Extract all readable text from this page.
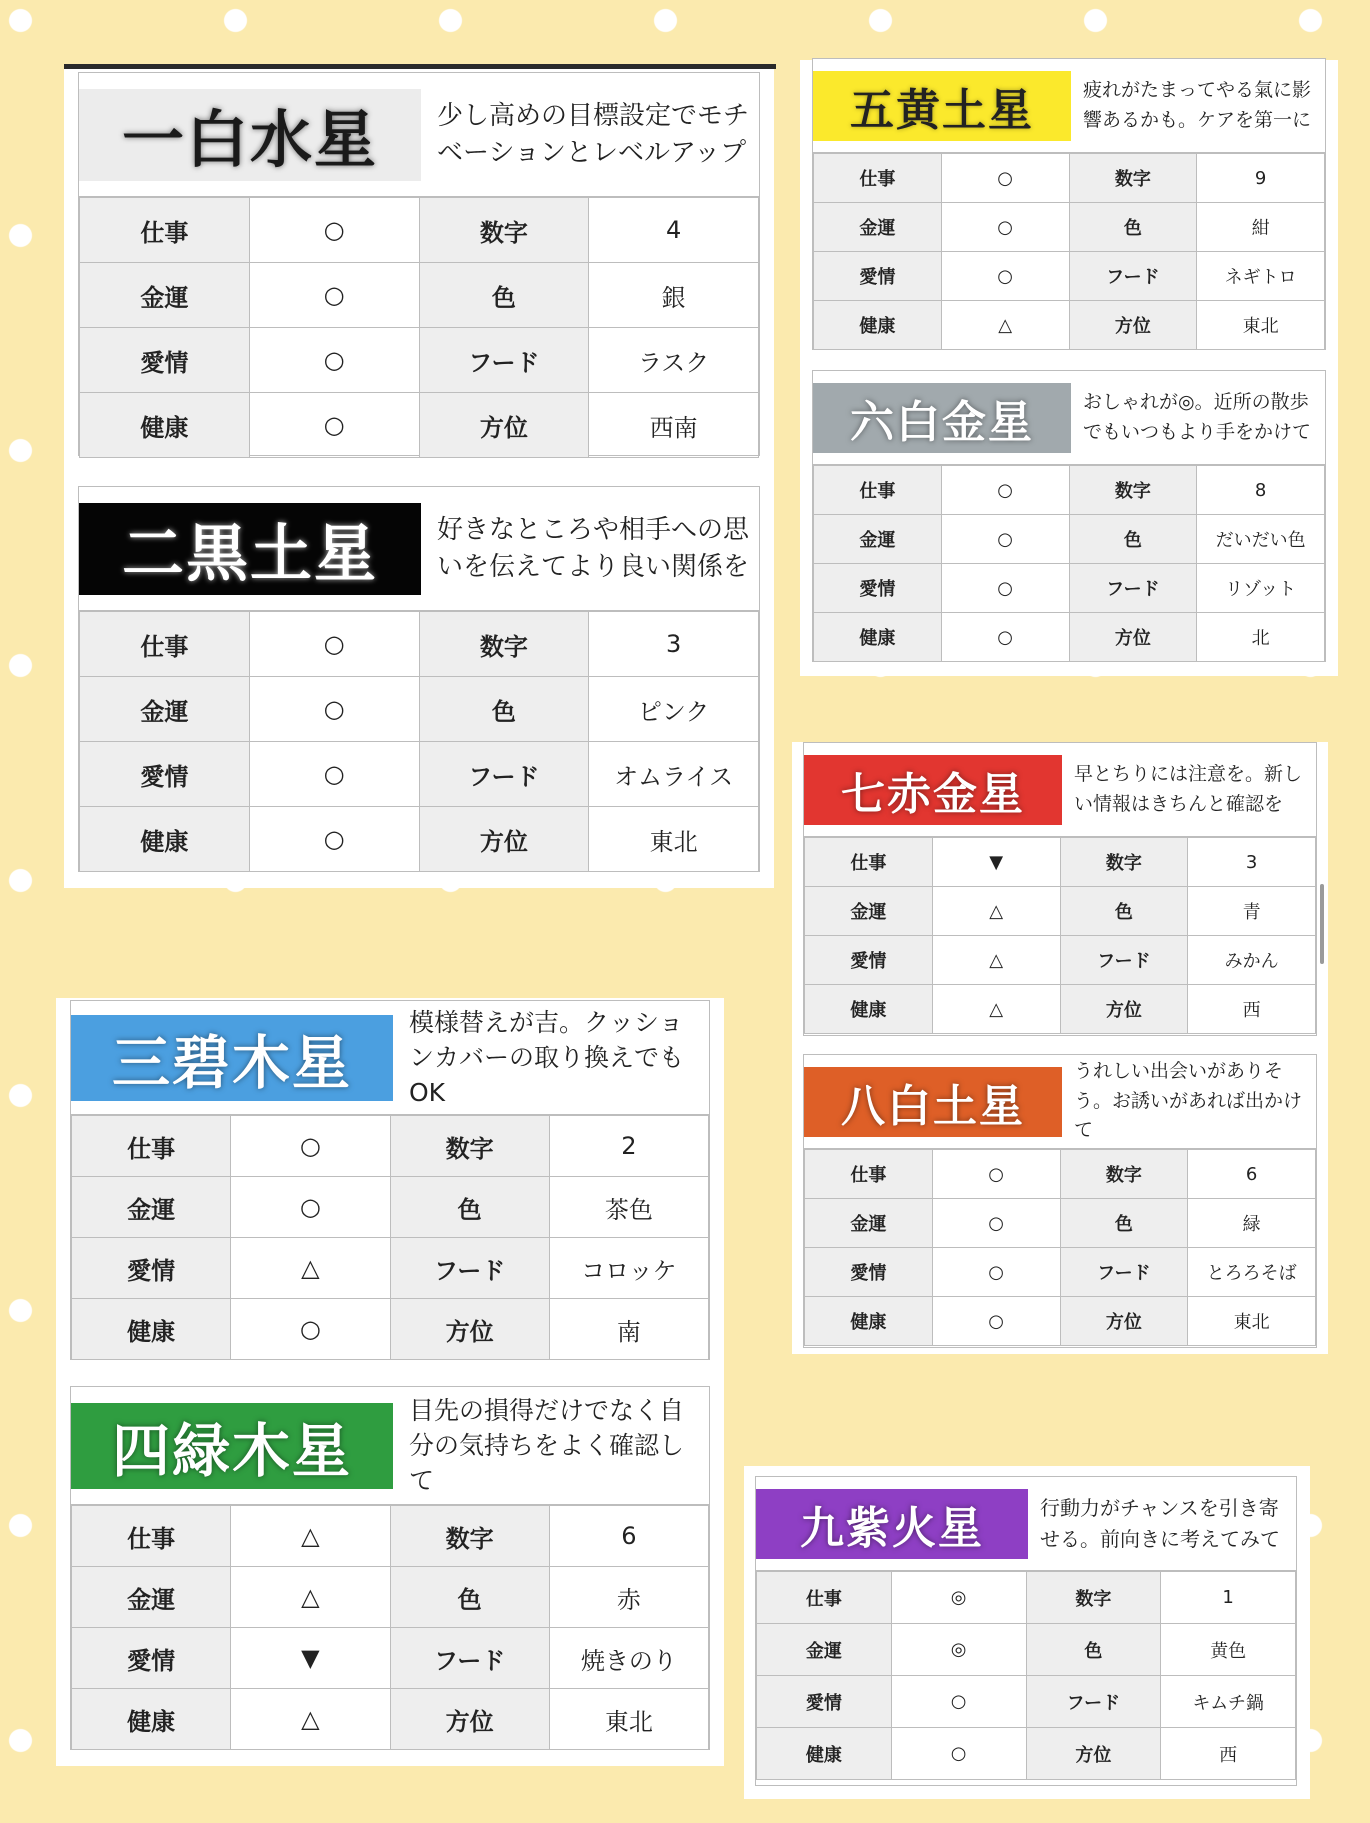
一白水星	少し高めの目標設定でモチベーションとレベルアップ
仕事	○	数字	4
金運	○	色	銀
愛情	○	フード	ラスク
健康	○	方位	西南
二黒土星	好きなところや相手への思いを伝えてより良い関係を
仕事	○	数字	3
金運	○	色	ピンク
愛情	○	フード	オムライス
健康	○	方位	東北
三碧木星
模様替えが吉。クッションカバーの取り換えでもOK
仕事	○	数字	2
金運	○	色	茶色
愛情	△	フード	コロッケ
健康	○	方位	南
四緑木星
目先の損得だけでなく自分の気持ちをよく確認して
仕事	△	数字	6
金運	△	色	赤
愛情	▼	フード	焼きのり
健康	△	方位	東北
五黄土星	疲れがたまってやる氣に影響あるかも。ケアを第一に
仕事	○	数字	9
金運	○	色	紺
愛情	○	フード	ネギトロ
健康	△	方位	東北
六白金星	おしゃれが◎。近所の散歩でもいつもより手をかけて
仕事	○	数字	8
金運	○	色	だいだい色
愛情	○	フード	リゾット
健康	○	方位	北
七赤金星	早とちりには注意を。新しい情報はきちんと確認を
仕事	▼	数字	3
金運	△	色	青
愛情	△	フード	みかん
健康	△	方位	西
八白土星
うれしい出会いがありそう。お誘いがあれば出かけて
仕事	○	数字	6
金運	○	色	緑
愛情	○	フード	とろろそば
健康	○	方位	東北
九紫火星	行動力がチャンスを引き寄せる。前向きに考えてみて
仕事	◎	数字	1
金運	◎	色	黄色
愛情	○	フード	キムチ鍋
健康	○	方位	西
